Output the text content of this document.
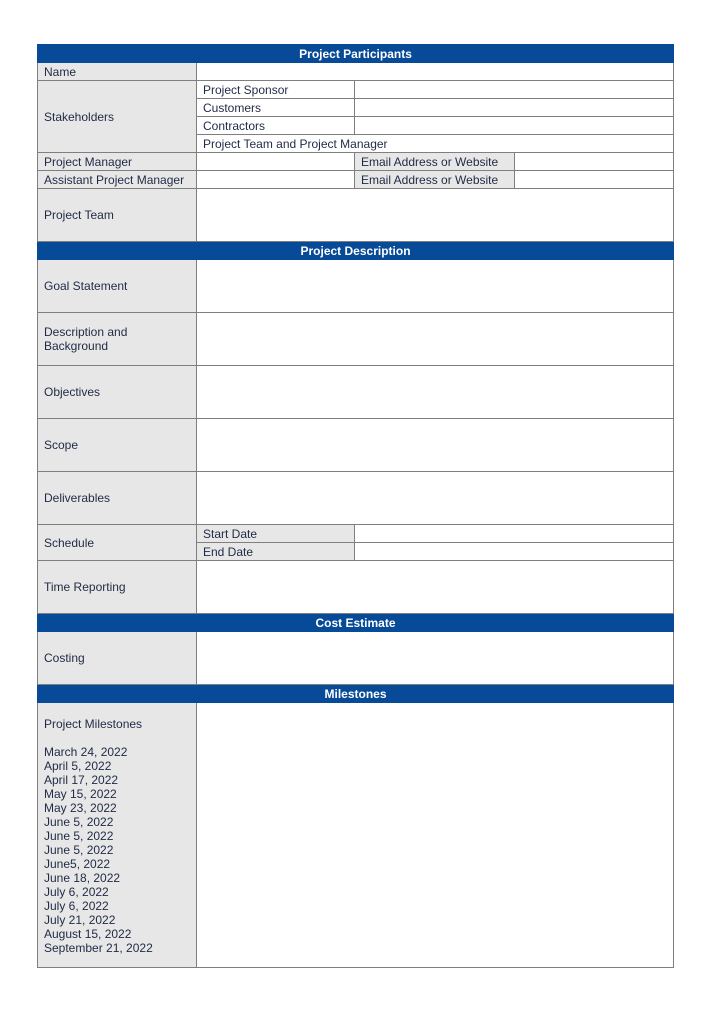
Project Participants			
Name			
Stakeholders	Project Sponsor		
	Customers		
	Contractors		
	Project Team and Project Manager		
Project Manager		Email Address or Website	
Assistant Project Manager		Email Address or Website	
Project Team			
Project Description			
Goal Statement			
Description and Background			
Objectives			
Scope			
Deliverables			
Schedule	Start Date		
	End Date		
Time Reporting			
Cost Estimate			
Costing			
Milestones			

Project Milestones
March 24, 2022
April 5, 2022
April 17, 2022
May 15, 2022
May 23, 2022
June 5, 2022
June 5, 2022
June 5, 2022
June5, 2022
June 18, 2022
July 6, 2022
July 6, 2022
July 21, 2022
August 15, 2022
September 21, 2022
